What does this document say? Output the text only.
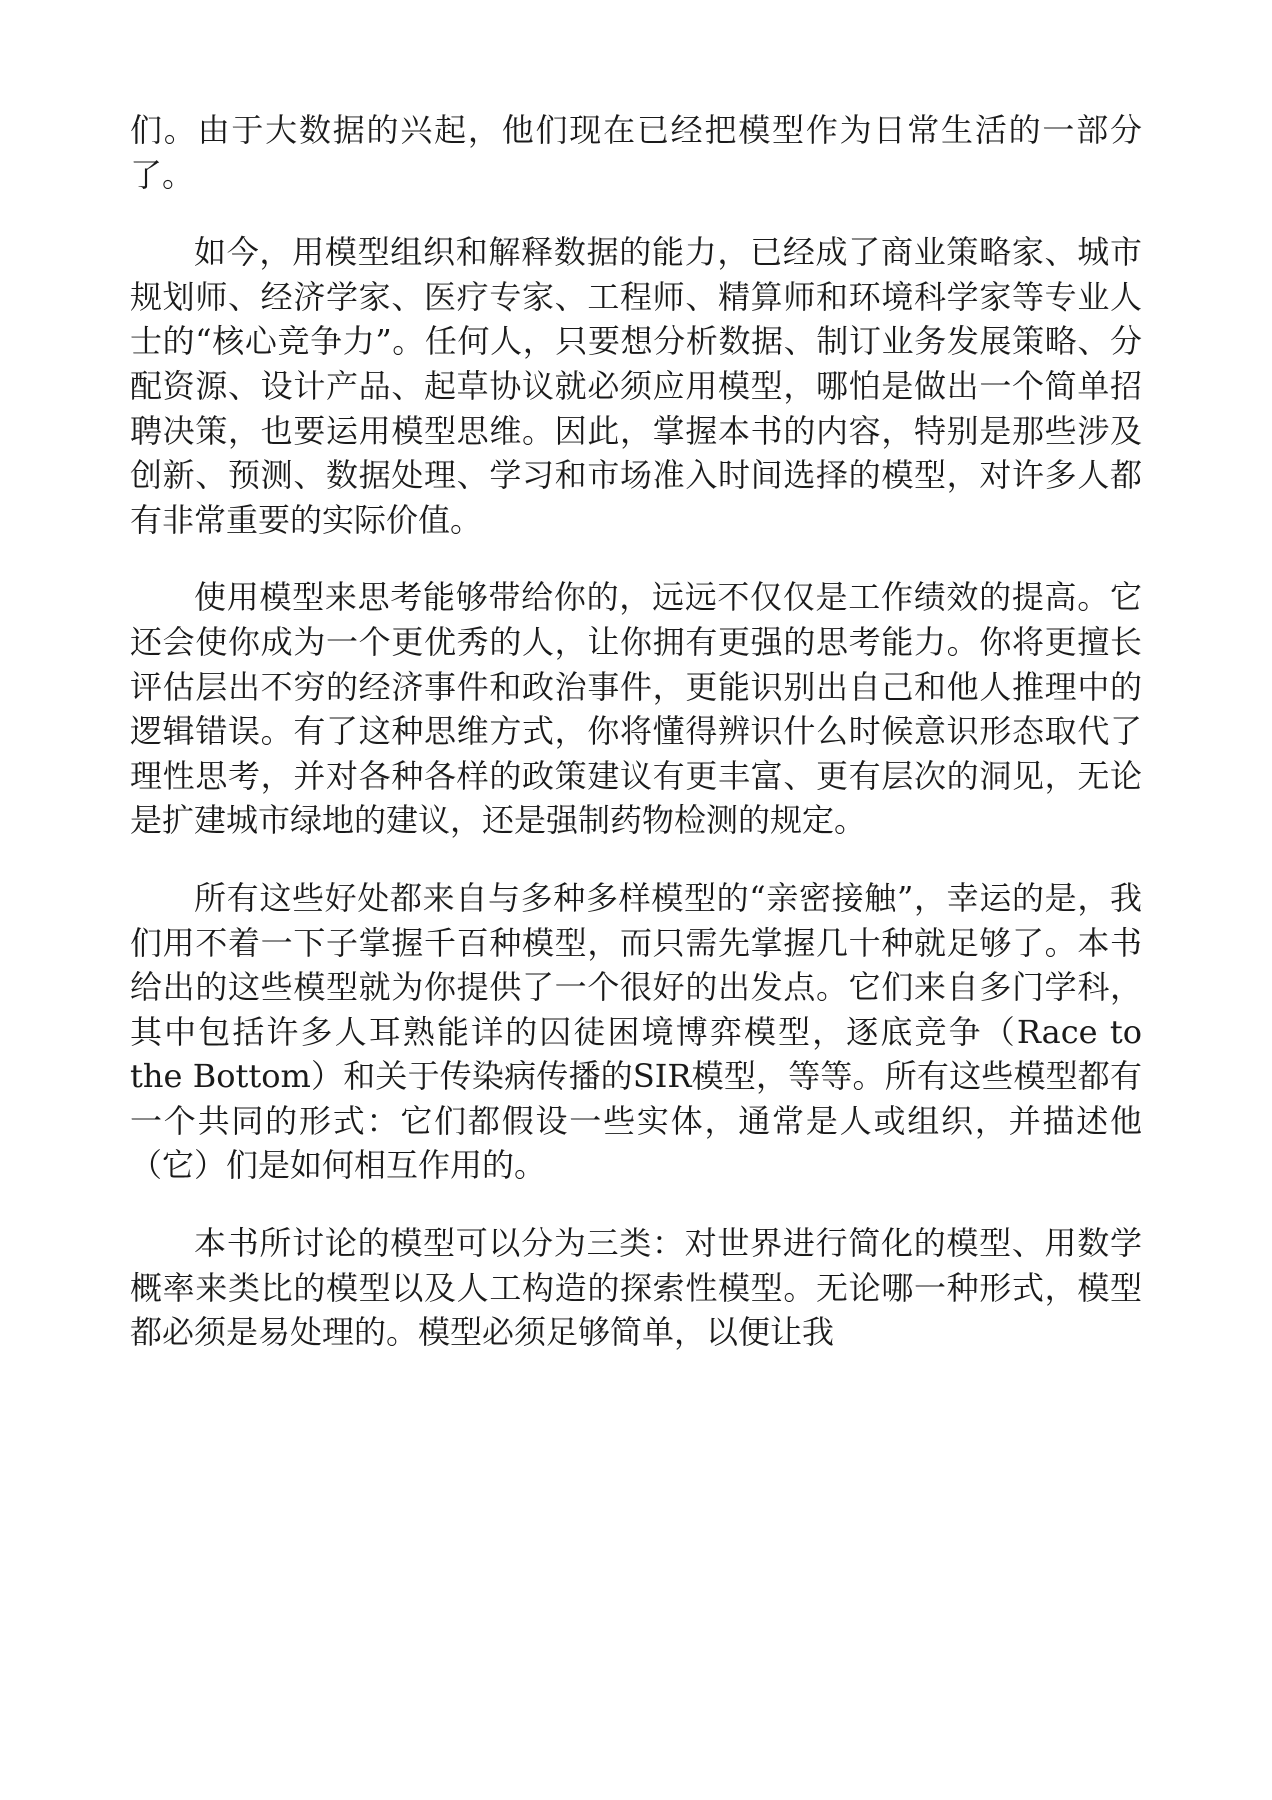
们。由于大数据的兴起，他们现在已经把模型作为日常生活的一部分了。

如今，用模型组织和解释数据的能力，已经成了商业策略家、城市规划师、经济学家、医疗专家、工程师、精算师和环境科学家等专业人士的“核心竞争力”。任何人，只要想分析数据、制订业务发展策略、分配资源、设计产品、起草协议就必须应用模型，哪怕是做出一个简单招聘决策，也要运用模型思维。因此，掌握本书的内容，特别是那些涉及创新、预测、数据处理、学习和市场准入时间选择的模型，对许多人都有非常重要的实际价值。

使用模型来思考能够带给你的，远远不仅仅是工作绩效的提高。它还会使你成为一个更优秀的人，让你拥有更强的思考能力。你将更擅长评估层出不穷的经济事件和政治事件，更能识别出自己和他人推理中的逻辑错误。有了这种思维方式，你将懂得辨识什么时候意识形态取代了理性思考，并对各种各样的政策建议有更丰富、更有层次的洞见，无论是扩建城市绿地的建议，还是强制药物检测的规定。

所有这些好处都来自与多种多样模型的“亲密接触”，幸运的是，我们用不着一下子掌握千百种模型，而只需先掌握几十种就足够了。本书给出的这些模型就为你提供了一个很好的出发点。它们来自多门学科，其中包括许多人耳熟能详的囚徒困境博弈模型，逐底竞争（Race to the Bottom）和关于传染病传播的SIR模型，等等。所有这些模型都有一个共同的形式：它们都假设一些实体，通常是人或组织，并描述他（它）们是如何相互作用的。

本书所讨论的模型可以分为三类：对世界进行简化的模型、用数学概率来类比的模型以及人工构造的探索性模型。无论哪一种形式，模型都必须是易处理的。模型必须足够简单，以便让我
